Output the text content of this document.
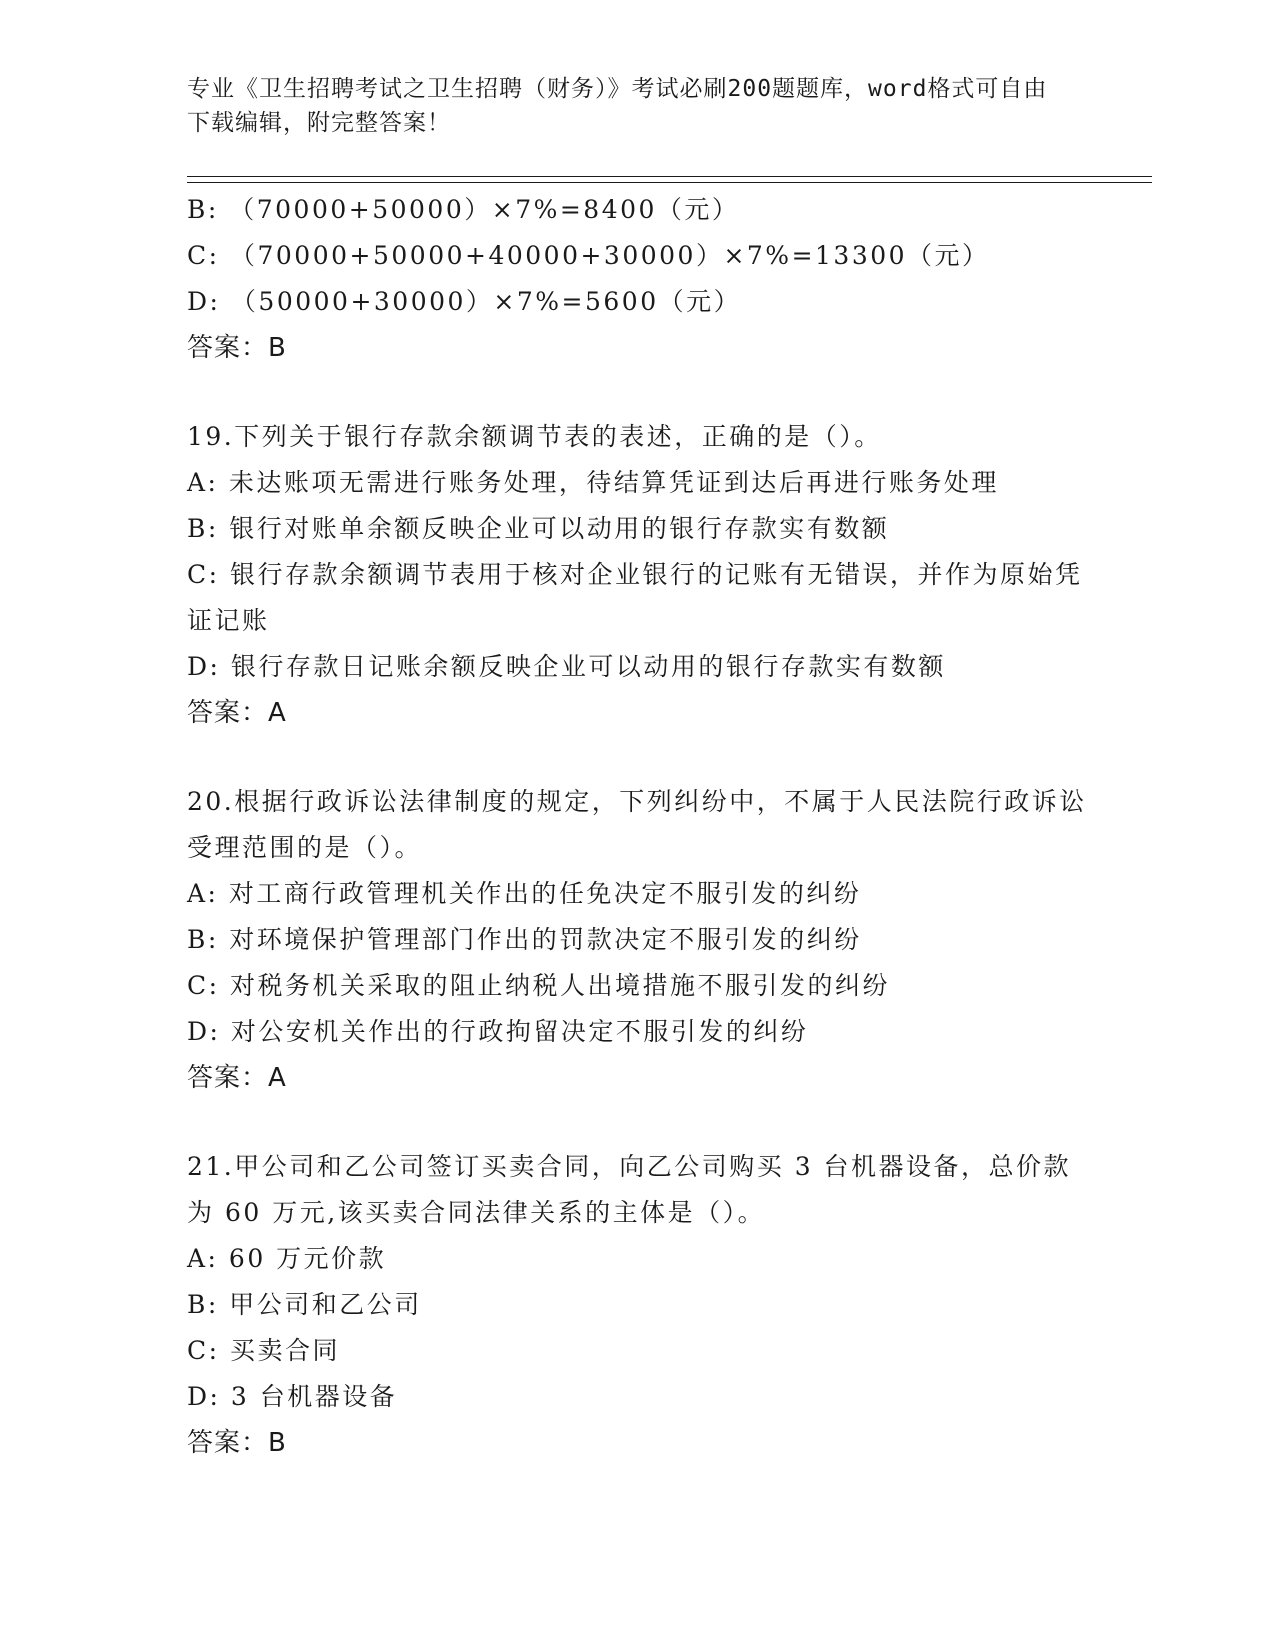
专业《卫生招聘考试之卫生招聘（财务）》考试必刷200题题库，word格式可自由下载编辑，附完整答案！
B: （70000+50000）×7%=8400（元）
C: （70000+50000+40000+30000）×7%=13300（元）
D: （50000+30000）×7%=5600（元）
答案：B
19.下列关于银行存款余额调节表的表述，正确的是（）。
A: 未达账项无需进行账务处理，待结算凭证到达后再进行账务处理
B: 银行对账单余额反映企业可以动用的银行存款实有数额
C: 银行存款余额调节表用于核对企业银行的记账有无错误，并作为原始凭证记账
D: 银行存款日记账余额反映企业可以动用的银行存款实有数额
答案：A
20.根据行政诉讼法律制度的规定，下列纠纷中，不属于人民法院行政诉讼受理范围的是（）。
A: 对工商行政管理机关作出的任免决定不服引发的纠纷
B: 对环境保护管理部门作出的罚款决定不服引发的纠纷
C: 对税务机关采取的阻止纳税人出境措施不服引发的纠纷
D: 对公安机关作出的行政拘留决定不服引发的纠纷
答案：A
21.甲公司和乙公司签订买卖合同，向乙公司购买 3 台机器设备，总价款为 60 万元,该买卖合同法律关系的主体是（）。
A: 60 万元价款
B: 甲公司和乙公司
C: 买卖合同
D: 3 台机器设备
答案：B
